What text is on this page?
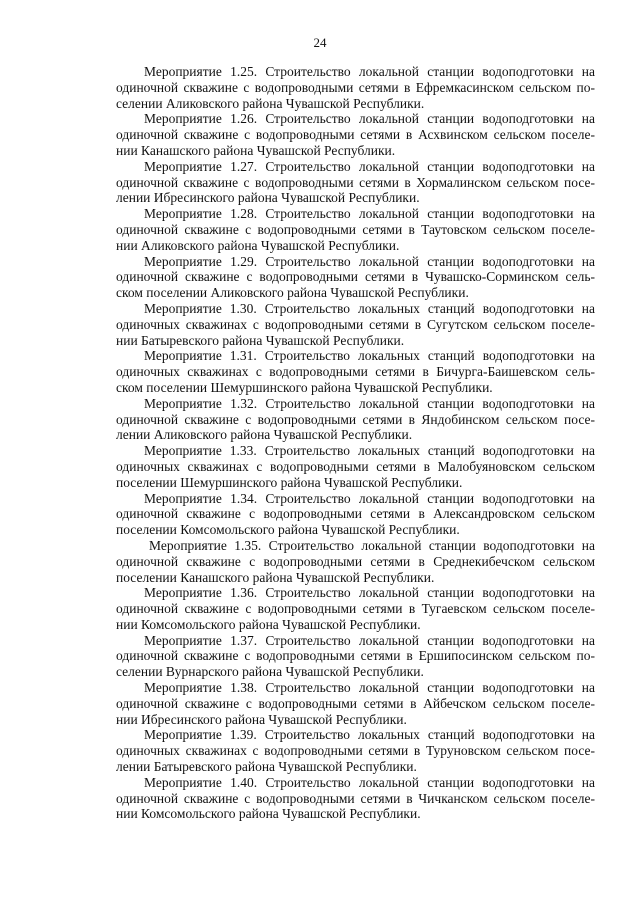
24

Мероприятие 1.25. Строительство локальной станции водоподготовки на
одиночной скважине с водопроводными сетями в Ефремкасинском сельском по-
селении Аликовского района Чувашской Республики.

Мероприятие 1.26. Строительство локальной станции водоподготовки на
одиночной скважине с водопроводными сетями в Асхвинском сельском поселе-
нии Канашского района Чувашской Республики.

Мероприятие 1.27. Строительство локальной станции водоподготовки на
одиночной скважине с водопроводными сетями в Хормалинском сельском посе-
лении Ибресинского района Чувашской Республики.

Мероприятие 1.28. Строительство локальной станции водоподготовки на
одиночной скважине с водопроводными сетями в Таутовском сельском поселе-
нии Аликовского района Чувашской Республики.

Мероприятие 1.29. Строительство локальной станции водоподготовки на
одиночной скважине с водопроводными сетями в Чувашско-Сорминском сель-
ском поселении Аликовского района Чувашской Республики.

Мероприятие 1.30. Строительство локальных станций водоподготовки на
одиночных скважинах с водопроводными сетями в Сугутском сельском поселе-
нии Батыревского района Чувашской Республики.

Мероприятие 1.31. Строительство локальных станций водоподготовки на
одиночных скважинах с водопроводными сетями в Бичурга-Баишевском сель-
ском поселении Шемуршинского района Чувашской Республики.

Мероприятие 1.32. Строительство локальной станции водоподготовки на
одиночной скважине с водопроводными сетями в Яндобинском сельском посе-
лении Аликовского района Чувашской Республики.

Мероприятие 1.33. Строительство локальных станций водоподготовки на
одиночных скважинах с водопроводными сетями в Малобуяновском сельском
поселении Шемуршинского района Чувашской Республики.

Мероприятие 1.34. Строительство локальной станции водоподготовки на
одиночной скважине с водопроводными сетями в Александровском сельском
поселении Комсомольского района Чувашской Республики.

Мероприятие 1.35. Строительство локальной станции водоподготовки на
одиночной скважине с водопроводными сетями в Среднекибечском сельском
поселении Канашского района Чувашской Республики.

Мероприятие 1.36. Строительство локальной станции водоподготовки на
одиночной скважине с водопроводными сетями в Тугаевском сельском поселе-
нии Комсомольского района Чувашской Республики.

Мероприятие 1.37. Строительство локальной станции водоподготовки на
одиночной скважине с водопроводными сетями в Ершипосинском сельском по-
селении Вурнарского района Чувашской Республики.

Мероприятие 1.38. Строительство локальной станции водоподготовки на
одиночной скважине с водопроводными сетями в Айбечском сельском поселе-
нии Ибресинского района Чувашской Республики.

Мероприятие 1.39. Строительство локальных станций водоподготовки на
одиночных скважинах с водопроводными сетями в Туруновском сельском посе-
лении Батыревского района Чувашской Республики.

Мероприятие 1.40. Строительство локальной станции водоподготовки на
одиночной скважине с водопроводными сетями в Чичканском сельском поселе-
нии Комсомольского района Чувашской Республики.
